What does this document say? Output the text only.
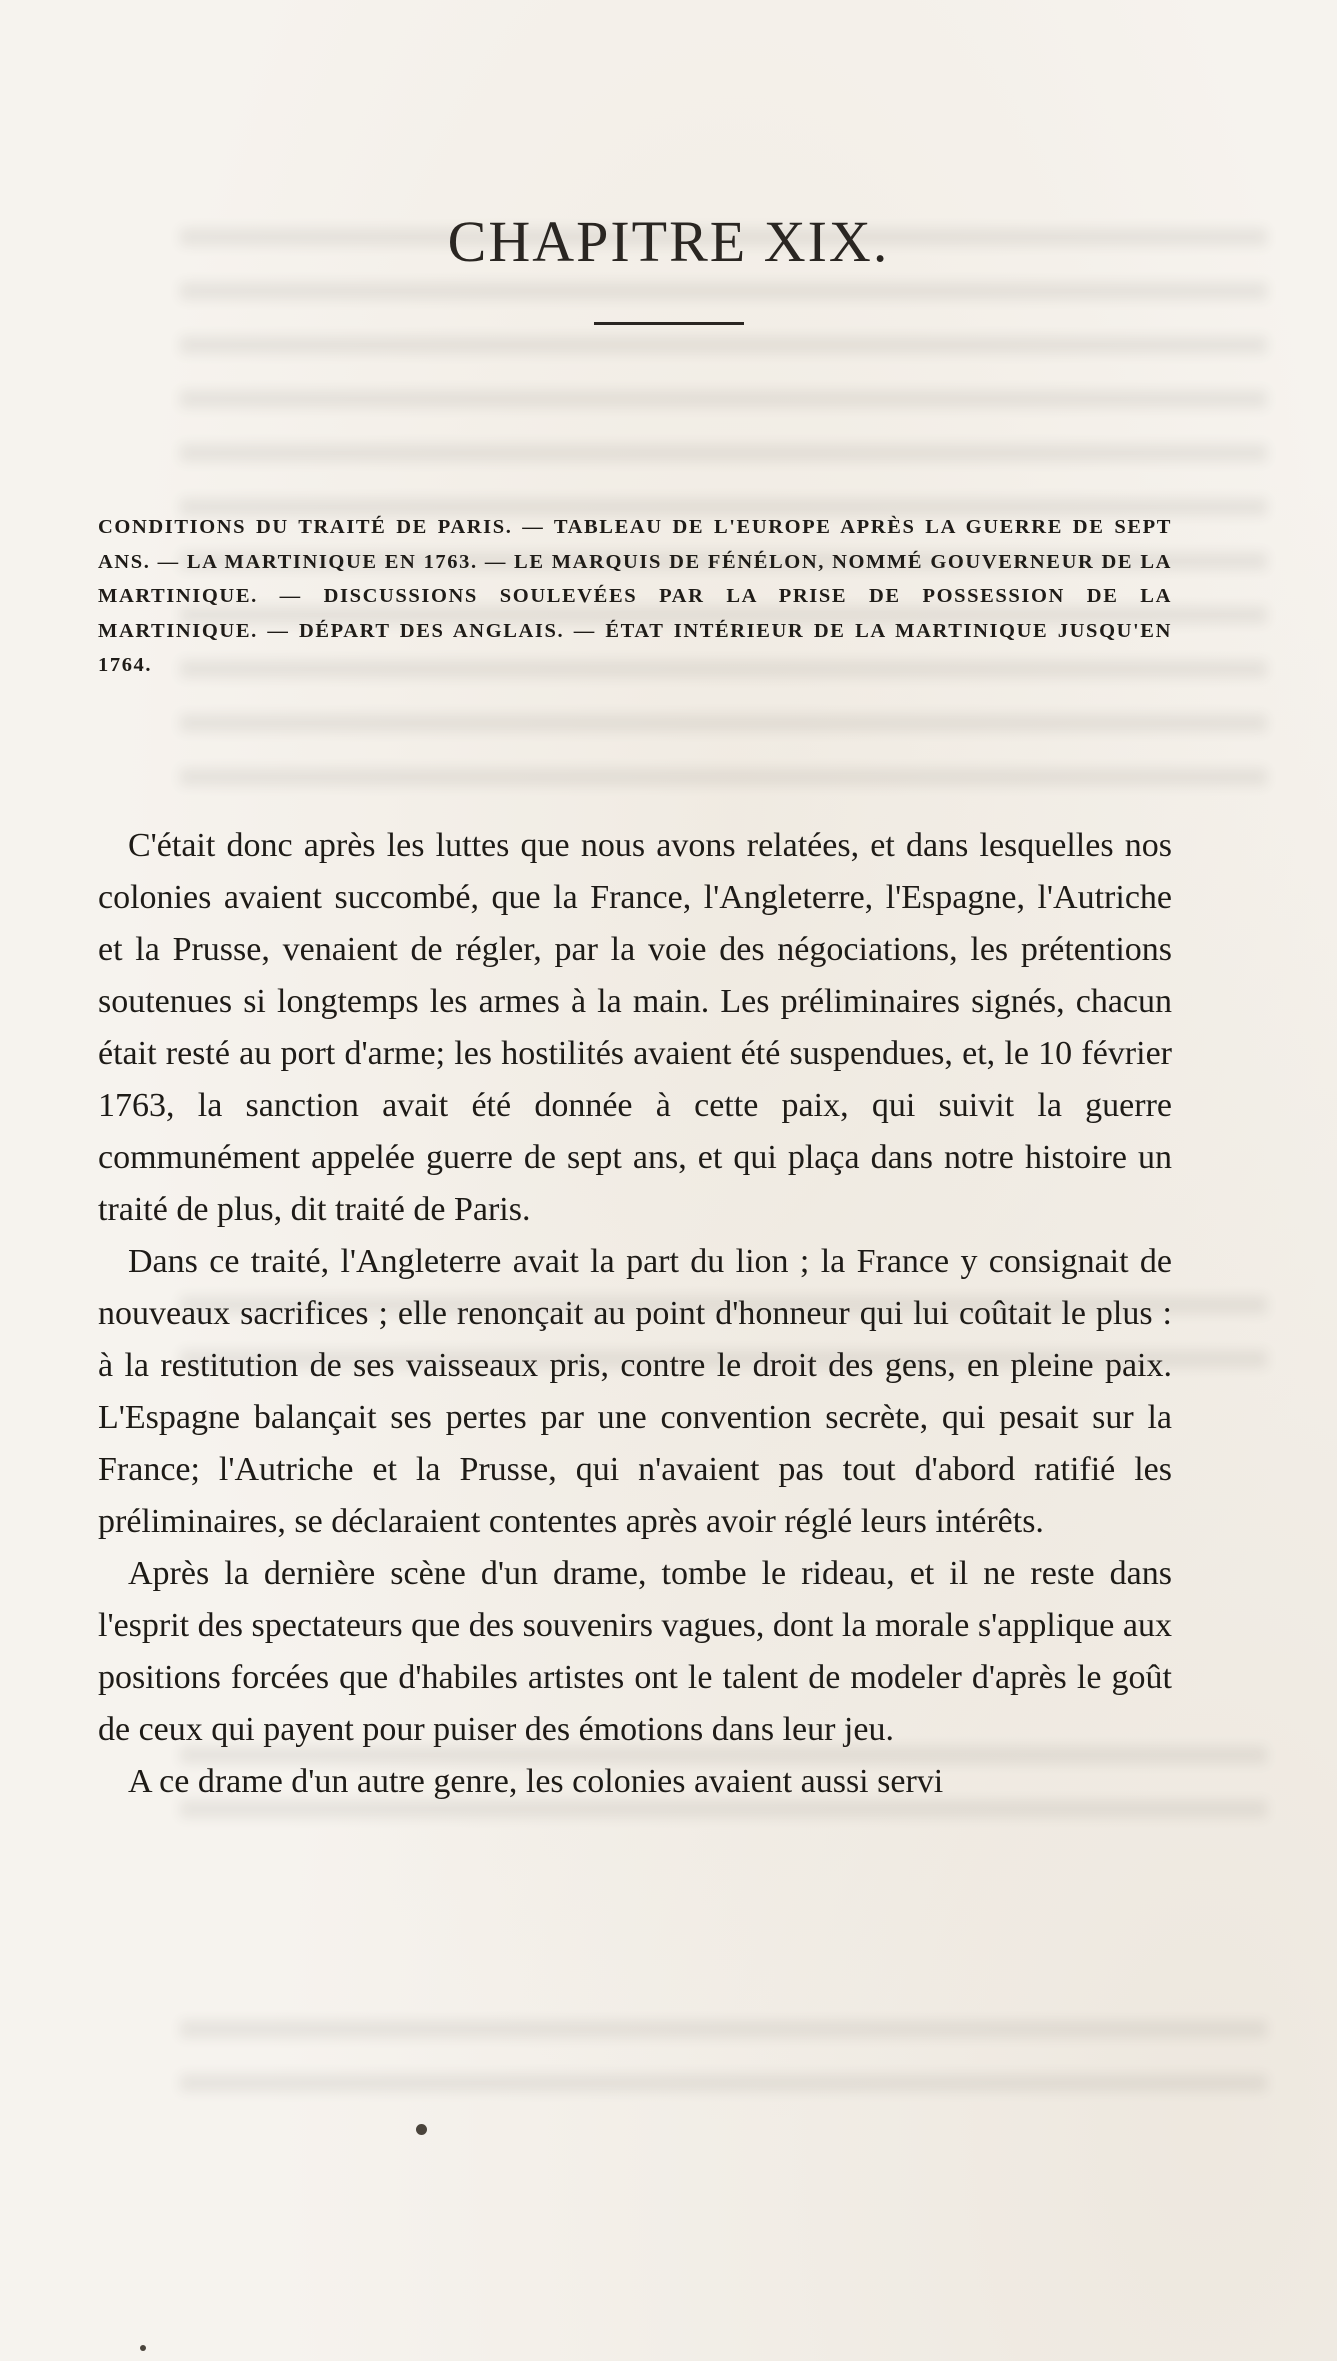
CHAPITRE XIX.

CONDITIONS DU TRAITÉ DE PARIS. — TABLEAU DE L'EUROPE APRÈS LA GUERRE DE SEPT ANS. — LA MARTINIQUE EN 1763. — LE MARQUIS DE FÉNÉLON, NOMMÉ GOUVERNEUR DE LA MARTINIQUE. — DISCUSSIONS SOULEVÉES PAR LA PRISE DE POSSESSION DE LA MARTINIQUE. — DÉPART DES ANGLAIS. — ÉTAT INTÉRIEUR DE LA MARTINIQUE JUSQU'EN 1764.

C'était donc après les luttes que nous avons relatées, et dans lesquelles nos colonies avaient succombé, que la France, l'Angleterre, l'Espagne, l'Autriche et la Prusse, venaient de régler, par la voie des négociations, les prétentions soutenues si longtemps les armes à la main. Les préliminaires signés, chacun était resté au port d'arme; les hostilités avaient été suspendues, et, le 10 février 1763, la sanction avait été donnée à cette paix, qui suivit la guerre communément appelée guerre de sept ans, et qui plaça dans notre histoire un traité de plus, dit traité de Paris.

Dans ce traité, l'Angleterre avait la part du lion ; la France y consignait de nouveaux sacrifices ; elle renonçait au point d'honneur qui lui coûtait le plus : à la restitution de ses vaisseaux pris, contre le droit des gens, en pleine paix. L'Espagne balançait ses pertes par une convention secrète, qui pesait sur la France; l'Autriche et la Prusse, qui n'avaient pas tout d'abord ratifié les préliminaires, se déclaraient contentes après avoir réglé leurs intérêts.

Après la dernière scène d'un drame, tombe le rideau, et il ne reste dans l'esprit des spectateurs que des souvenirs vagues, dont la morale s'applique aux positions forcées que d'habiles artistes ont le talent de modeler d'après le goût de ceux qui payent pour puiser des émotions dans leur jeu.

A ce drame d'un autre genre, les colonies avaient aussi servi
